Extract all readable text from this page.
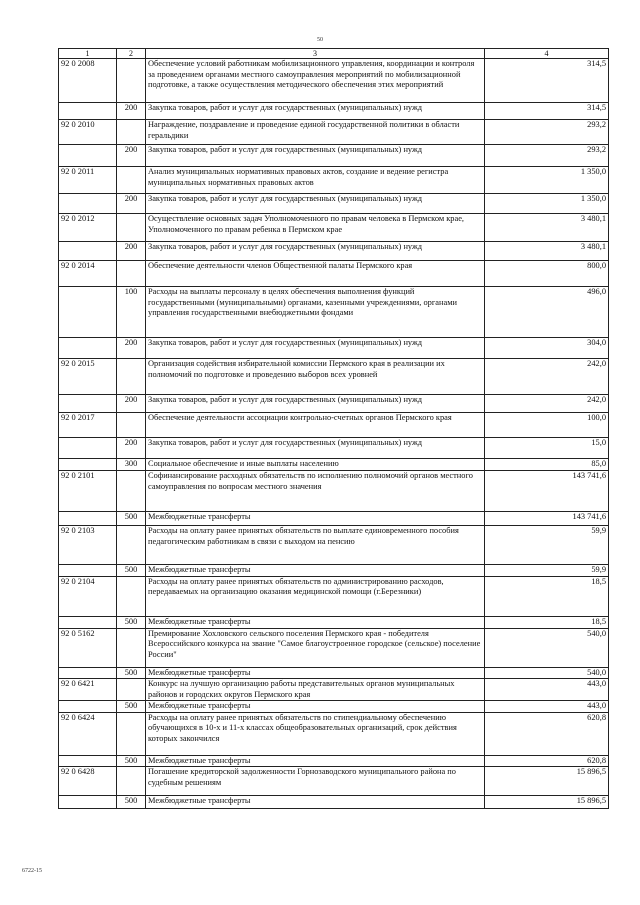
50
1	2	3	4
92 0 2008		Обеспечение условий работникам мобилизационного управления, координации и контроля за проведением органами местного самоуправления мероприятий по мобилизационной подготовке, а также осуществления методического обеспечения этих мероприятий	314,5
	200	Закупка товаров, работ и услуг для государственных (муниципальных) нужд	314,5
92 0 2010		Награждение, поздравление и проведение единой государственной политики в области геральдики	293,2
	200	Закупка товаров, работ и услуг для государственных (муниципальных) нужд	293,2
92 0 2011		Анализ муниципальных нормативных правовых актов, создание и ведение регистра муниципальных нормативных правовых актов	1 350,0
	200	Закупка товаров, работ и услуг для государственных (муниципальных) нужд	1 350,0
92 0 2012		Осуществление основных задач Уполномоченного по правам человека в Пермском крае, Уполномоченного по правам ребенка в Пермском крае	3 480,1
	200	Закупка товаров, работ и услуг для государственных (муниципальных) нужд	3 480,1
92 0 2014		Обеспечение деятельности членов Общественной палаты Пермского края	800,0
	100	Расходы на выплаты персоналу в целях обеспечения выполнения функций государственными (муниципальными) органами, казенными учреждениями, органами управления государственными внебюджетными фондами	496,0
	200	Закупка товаров, работ и услуг для государственных (муниципальных) нужд	304,0
92 0 2015		Организация содействия избирательной комиссии Пермского края в реализации их полномочий по подготовке и проведению выборов всех уровней	242,0
	200	Закупка товаров, работ и услуг для государственных (муниципальных) нужд	242,0
92 0 2017		Обеспечение деятельности ассоциации контрольно-счетных органов Пермского края	100,0
	200	Закупка товаров, работ и услуг для государственных (муниципальных) нужд	15,0
	300	Социальное обеспечение и иные выплаты населению	85,0
92 0 2101		Софинансирование расходных обязательств по исполнению полномочий органов местного самоуправления по вопросам местного значения	143 741,6
	500	Межбюджетные трансферты	143 741,6
92 0 2103		Расходы на оплату ранее принятых обязательств по выплате единовременного пособия педагогическим работникам в связи с выходом на пенсию	59,9
	500	Межбюджетные трансферты	59,9
92 0 2104		Расходы на оплату ранее принятых обязательств по администрированию расходов, передаваемых на организацию оказания медицинской помощи (г.Березники)	18,5
	500	Межбюджетные трансферты	18,5
92 0 5162		Премирование Хохловского сельского поселения Пермского края - победителя Всероссийского конкурса на звание "Самое благоустроенное городское (сельское) поселение России"	540,0
	500	Межбюджетные трансферты	540,0
92 0 6421		Конкурс на лучшую организацию работы представительных органов муниципальных районов и городских округов Пермского края	443,0
	500	Межбюджетные трансферты	443,0
92 0 6424		Расходы на оплату ранее принятых обязательств по стипендиальному обеспечению обучающихся в 10-х и 11-х классах общеобразовательных организаций, срок действия которых закончился	620,8
	500	Межбюджетные трансферты	620,8
92 0 6428		Погашение кредиторской задолженности Горнозаводского муниципального района по судебным решениям	15 896,5
	500	Межбюджетные трансферты	15 896,5
6722-15
